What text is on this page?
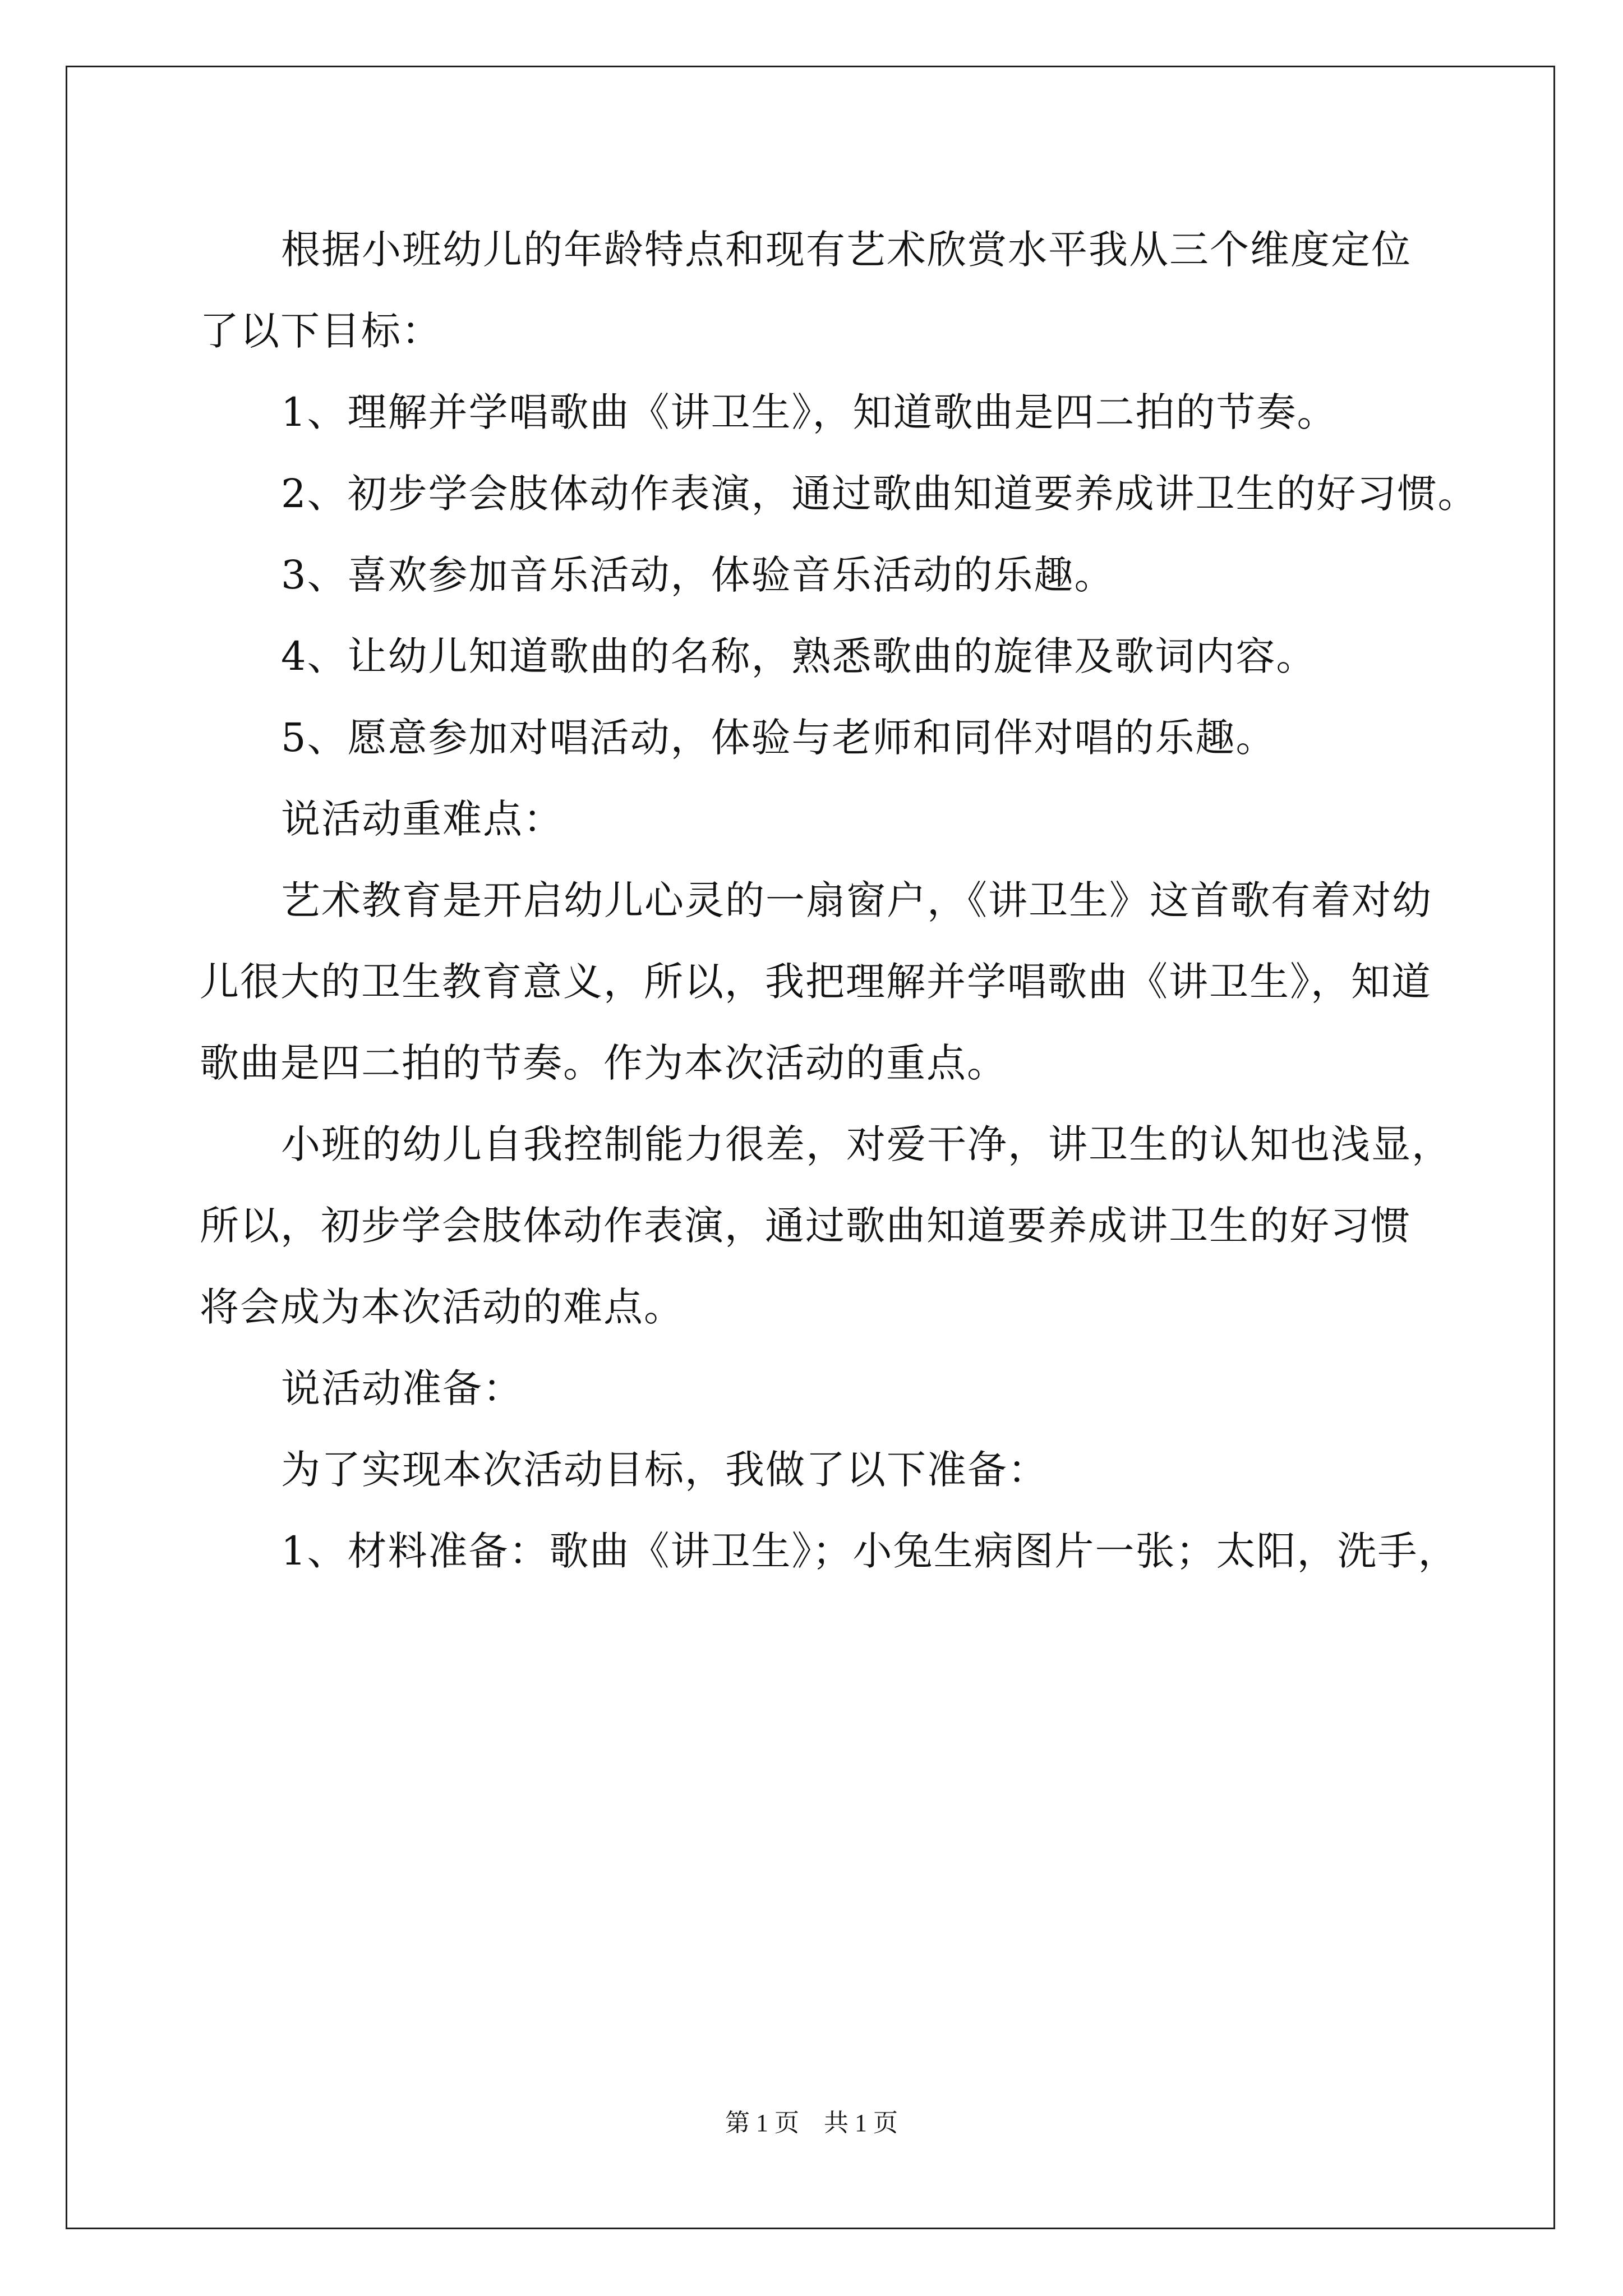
根据小班幼儿的年龄特点和现有艺术欣赏水平我从三个维度定位
了以下目标：
1、理解并学唱歌曲《讲卫生》，知道歌曲是四二拍的节奏。
2、初步学会肢体动作表演，通过歌曲知道要养成讲卫生的好习惯。
3、喜欢参加音乐活动，体验音乐活动的乐趣。
4、让幼儿知道歌曲的名称，熟悉歌曲的旋律及歌词内容。
5、愿意参加对唱活动，体验与老师和同伴对唱的乐趣。
说活动重难点：
艺术教育是开启幼儿心灵的一扇窗户，《讲卫生》这首歌有着对幼
儿很大的卫生教育意义，所以，我把理解并学唱歌曲《讲卫生》，知道
歌曲是四二拍的节奏。作为本次活动的重点。
小班的幼儿自我控制能力很差，对爱干净，讲卫生的认知也浅显，
所以，初步学会肢体动作表演，通过歌曲知道要养成讲卫生的好习惯
将会成为本次活动的难点。
说活动准备：
为了实现本次活动目标，我做了以下准备：
1、材料准备：歌曲《讲卫生》；小兔生病图片一张；太阳，洗手，
第 1 页　共 1 页
